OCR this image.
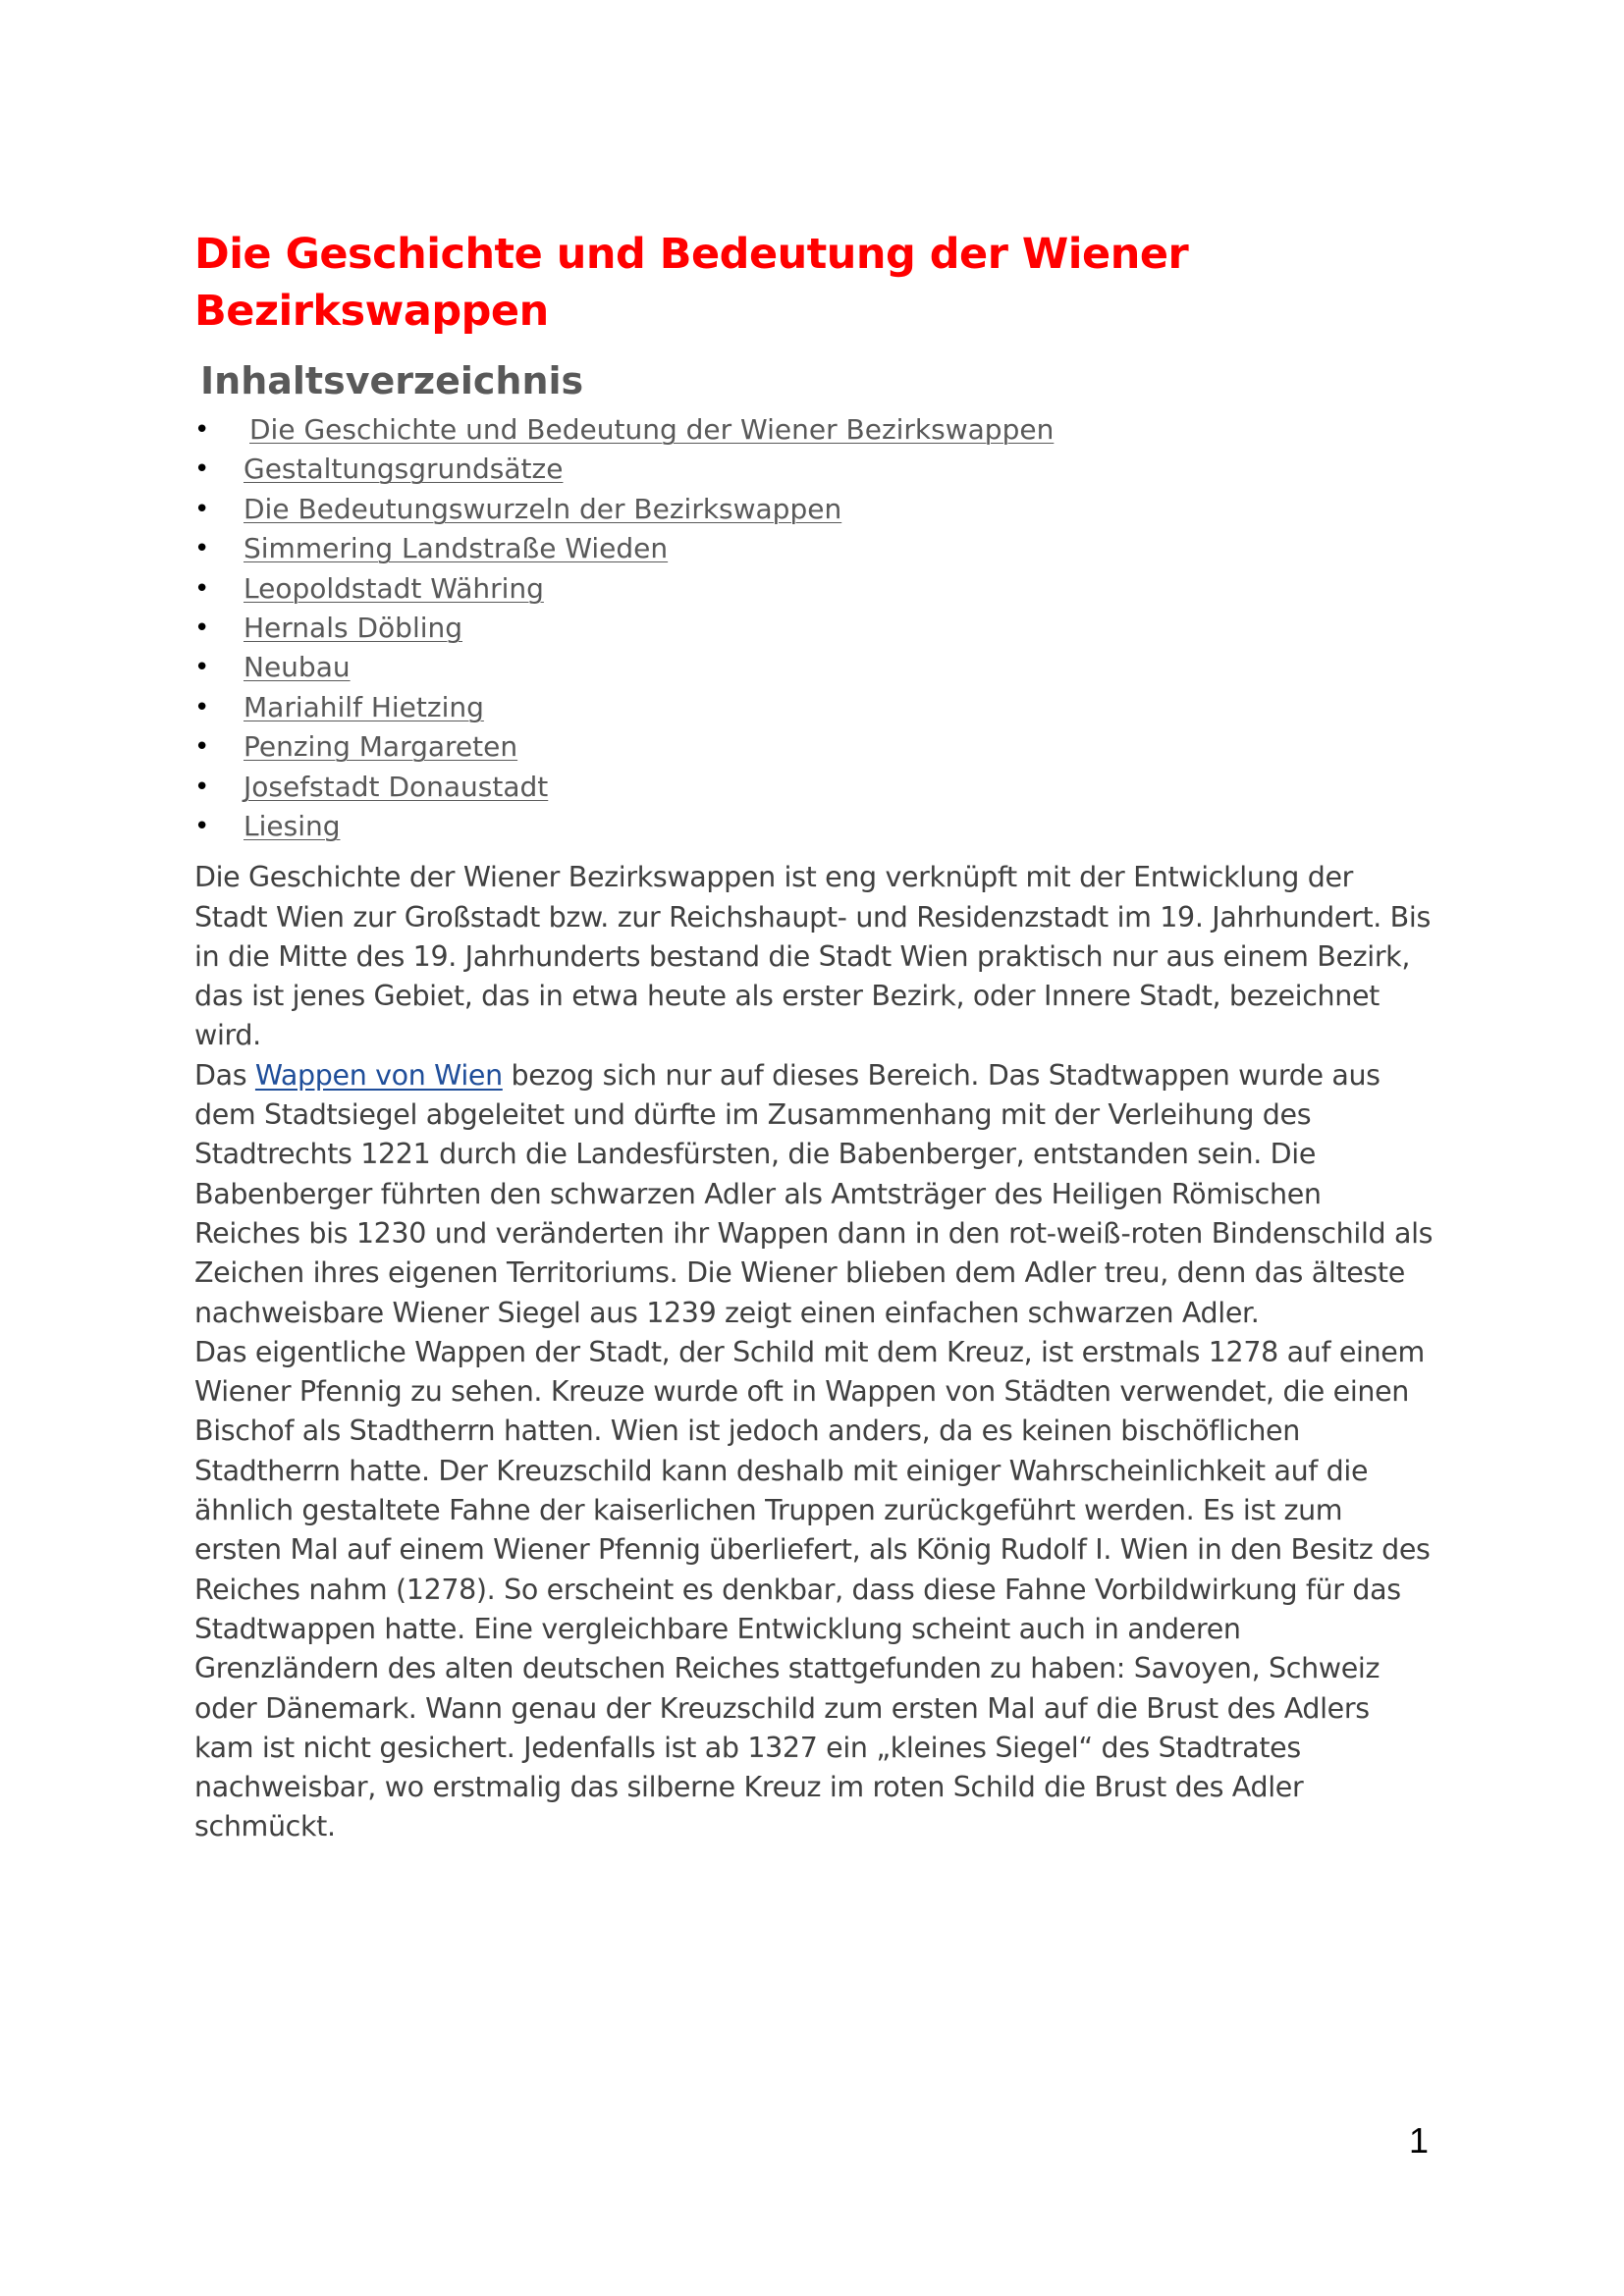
Die Geschichte und Bedeutung der Wiener Bezirkswappen
Inhaltsverzeichnis
• Die Geschichte und Bedeutung der Wiener Bezirkswappen
• Gestaltungsgrundsätze
• Die Bedeutungswurzeln der Bezirkswappen
• Simmering Landstraße Wieden
• Leopoldstadt Währing
• Hernals Döbling
• Neubau
• Mariahilf Hietzing
• Penzing Margareten
• Josefstadt Donaustadt
• Liesing

Die Geschichte der Wiener Bezirkswappen ist eng verknüpft mit der Entwicklung der Stadt Wien zur Großstadt bzw. zur Reichshaupt- und Residenzstadt im 19. Jahrhundert. Bis in die Mitte des 19. Jahrhunderts bestand die Stadt Wien praktisch nur aus einem Bezirk, das ist jenes Gebiet, das in etwa heute als erster Bezirk, oder Innere Stadt, bezeichnet wird.

Das Wappen von Wien bezog sich nur auf dieses Bereich. Das Stadtwappen wurde aus dem Stadtsiegel abgeleitet und dürfte im Zusammenhang mit der Verleihung des Stadtrechts 1221 durch die Landesfürsten, die Babenberger, entstanden sein. Die Babenberger führten den schwarzen Adler als Amtsträger des Heiligen Römischen Reiches bis 1230 und veränderten ihr Wappen dann in den rot-weiß-roten Bindenschild als Zeichen ihres eigenen Territoriums. Die Wiener blieben dem Adler treu, denn das älteste nachweisbare Wiener Siegel aus 1239 zeigt einen einfachen schwarzen Adler.

Das eigentliche Wappen der Stadt, der Schild mit dem Kreuz, ist erstmals 1278 auf einem Wiener Pfennig zu sehen. Kreuze wurde oft in Wappen von Städten verwendet, die einen Bischof als Stadtherrn hatten. Wien ist jedoch anders, da es keinen bischöflichen Stadtherrn hatte. Der Kreuzschild kann deshalb mit einiger Wahrscheinlichkeit auf die ähnlich gestaltete Fahne der kaiserlichen Truppen zurückgeführt werden. Es ist zum ersten Mal auf einem Wiener Pfennig überliefert, als König Rudolf I. Wien in den Besitz des Reiches nahm (1278). So erscheint es denkbar, dass diese Fahne Vorbildwirkung für das Stadtwappen hatte. Eine vergleichbare Entwicklung scheint auch in anderen Grenzländern des alten deutschen Reiches stattgefunden zu haben: Savoyen, Schweiz oder Dänemark. Wann genau der Kreuzschild zum ersten Mal auf die Brust des Adlers kam ist nicht gesichert. Jedenfalls ist ab 1327 ein „kleines Siegel“ des Stadtrates nachweisbar, wo erstmalig das silberne Kreuz im roten Schild die Brust des Adler schmückt.

1
